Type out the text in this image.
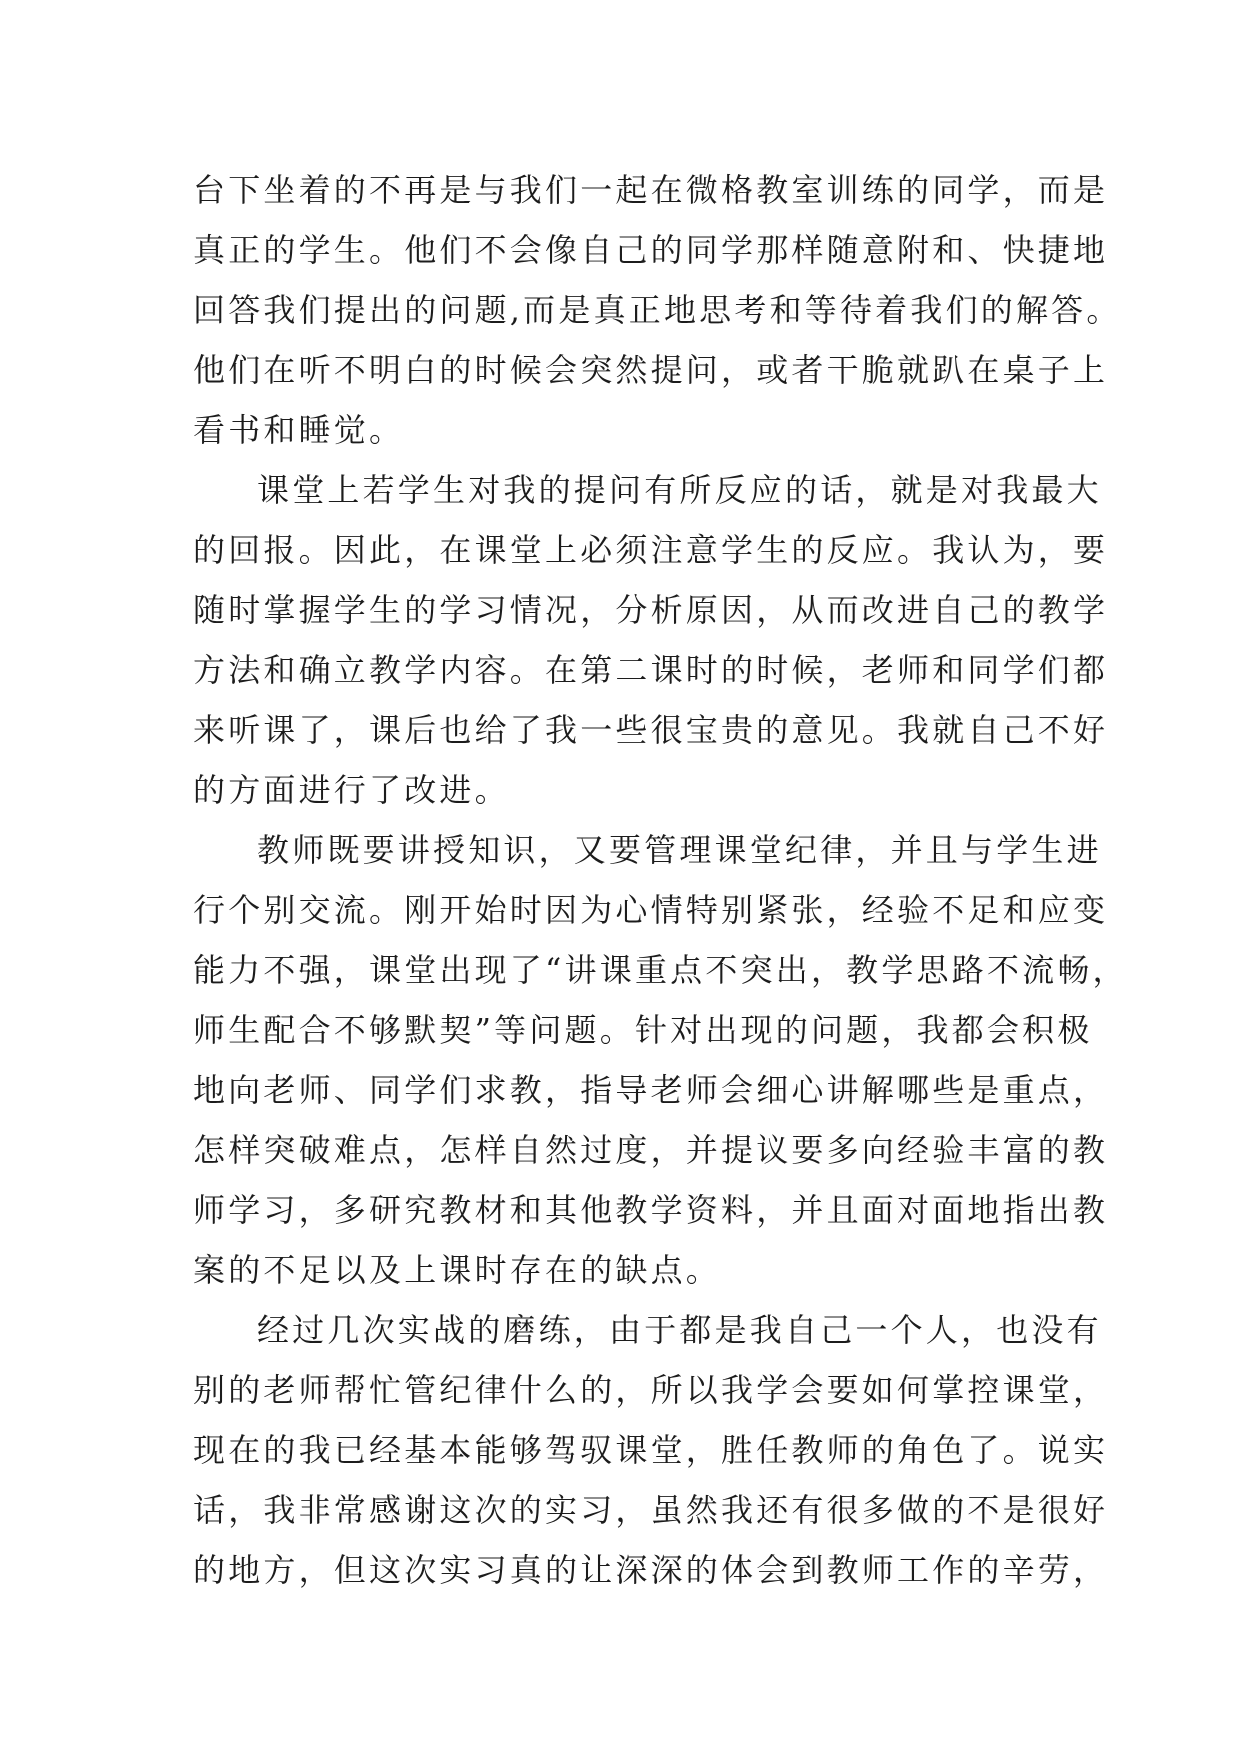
台下坐着的不再是与我们一起在微格教室训练的同学，而是
真正的学生。他们不会像自己的同学那样随意附和、快捷地
回答我们提出的问题,而是真正地思考和等待着我们的解答。
他们在听不明白的时候会突然提问，或者干脆就趴在桌子上
看书和睡觉。
课堂上若学生对我的提问有所反应的话，就是对我最大
的回报。因此，在课堂上必须注意学生的反应。我认为，要
随时掌握学生的学习情况，分析原因，从而改进自己的教学
方法和确立教学内容。在第二课时的时候，老师和同学们都
来听课了，课后也给了我一些很宝贵的意见。我就自己不好
的方面进行了改进。
教师既要讲授知识，又要管理课堂纪律，并且与学生进
行个别交流。刚开始时因为心情特别紧张，经验不足和应变
能力不强，课堂出现了“讲课重点不突出，教学思路不流畅，
师生配合不够默契”等问题。针对出现的问题，我都会积极
地向老师、同学们求教，指导老师会细心讲解哪些是重点，
怎样突破难点，怎样自然过度，并提议要多向经验丰富的教
师学习，多研究教材和其他教学资料，并且面对面地指出教
案的不足以及上课时存在的缺点。
经过几次实战的磨练，由于都是我自己一个人，也没有
别的老师帮忙管纪律什么的，所以我学会要如何掌控课堂，
现在的我已经基本能够驾驭课堂，胜任教师的角色了。说实
话，我非常感谢这次的实习，虽然我还有很多做的不是很好
的地方，但这次实习真的让深深的体会到教师工作的辛劳，
